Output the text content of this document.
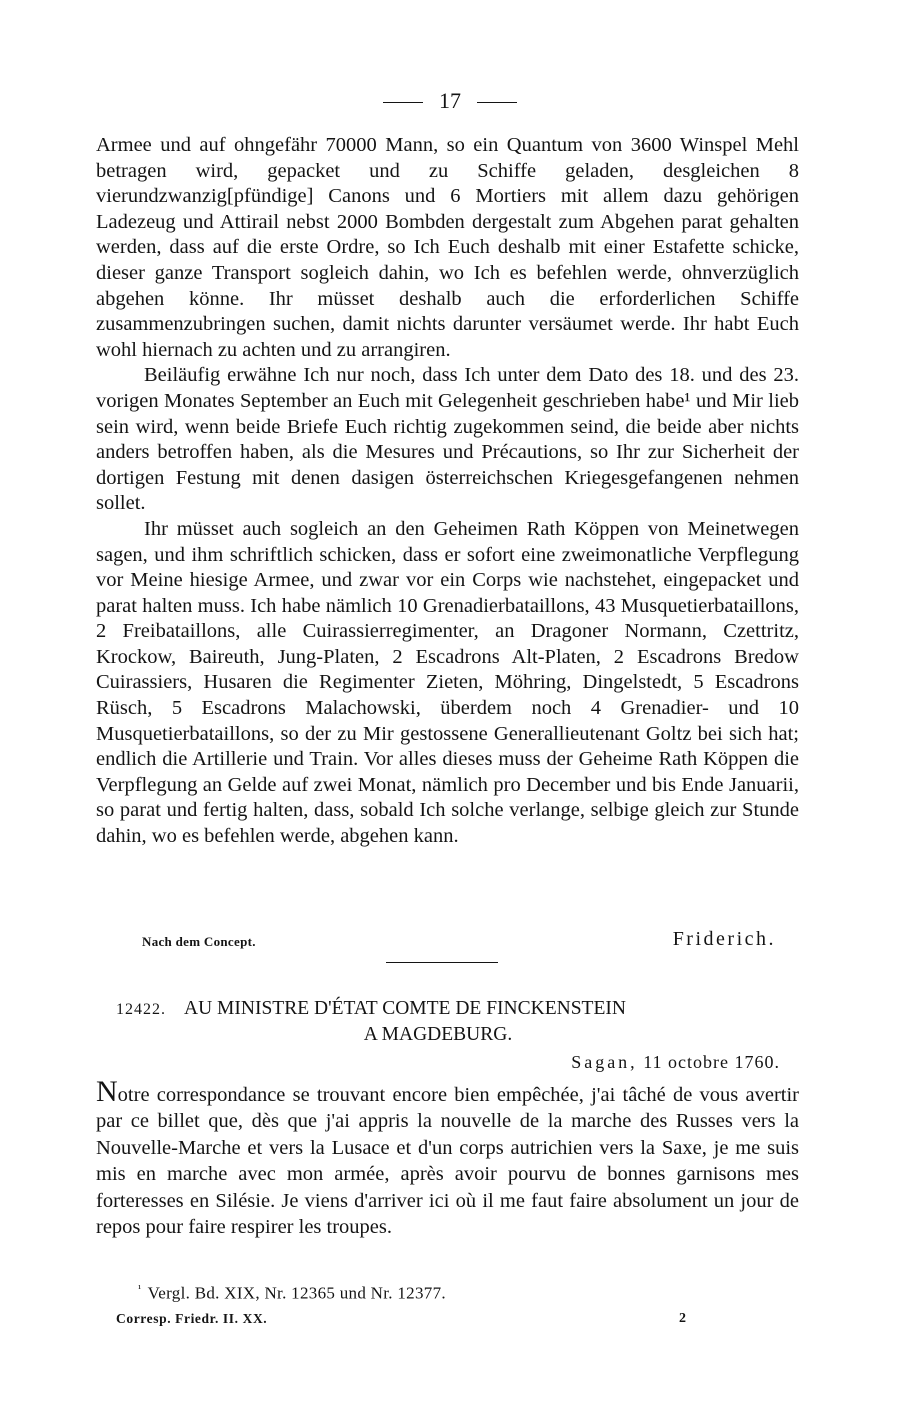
17

Armee und auf ohngefähr 70000 Mann, so ein Quantum von 3600 Winspel Mehl betragen wird, gepacket und zu Schiffe geladen, desgleichen 8 vierundzwanzig[pfündige] Canons und 6 Mortiers mit allem dazu gehörigen Ladezeug und Attirail nebst 2000 Bombden dergestalt zum Abgehen parat gehalten werden, dass auf die erste Ordre, so Ich Euch deshalb mit einer Estafette schicke, dieser ganze Transport sogleich dahin, wo Ich es befehlen werde, ohnverzüglich abgehen könne. Ihr müsset deshalb auch die erforderlichen Schiffe zusammenzubringen suchen, damit nichts darunter versäumet werde. Ihr habt Euch wohl hiernach zu achten und zu arrangiren.

Beiläufig erwähne Ich nur noch, dass Ich unter dem Dato des 18. und des 23. vorigen Monates September an Euch mit Gelegenheit geschrieben habe¹ und Mir lieb sein wird, wenn beide Briefe Euch richtig zugekommen seind, die beide aber nichts anders betroffen haben, als die Mesures und Précautions, so Ihr zur Sicherheit der dortigen Festung mit denen dasigen österreichschen Kriegesgefangenen nehmen sollet.

Ihr müsset auch sogleich an den Geheimen Rath Köppen von Meinetwegen sagen, und ihm schriftlich schicken, dass er sofort eine zweimonatliche Verpflegung vor Meine hiesige Armee, und zwar vor ein Corps wie nachstehet, eingepacket und parat halten muss. Ich habe nämlich 10 Grenadierbataillons, 43 Musquetierbataillons, 2 Freibataillons, alle Cuirassierregimenter, an Dragoner Normann, Czettritz, Krockow, Baireuth, Jung-Platen, 2 Escadrons Alt-Platen, 2 Escadrons Bredow Cuirassiers, Husaren die Regimenter Zieten, Möhring, Dingelstedt, 5 Escadrons Rüsch, 5 Escadrons Malachowski, überdem noch 4 Grenadier- und 10 Musquetierbataillons, so der zu Mir gestossene Generallieutenant Goltz bei sich hat; endlich die Artillerie und Train. Vor alles dieses muss der Geheime Rath Köppen die Verpflegung an Gelde auf zwei Monat, nämlich pro December und bis Ende Januarii, so parat und fertig halten, dass, sobald Ich solche verlange, selbige gleich zur Stunde dahin, wo es befehlen werde, abgehen kann.

Nach dem Concept.	Friderich.
12422. AU MINISTRE D'ÉTAT COMTE DE FINCKENSTEIN
A MAGDEBURG.
Sagan, 11 octobre 1760.

Notre correspondance se trouvant encore bien empêchée, j'ai tâché de vous avertir par ce billet que, dès que j'ai appris la nouvelle de la marche des Russes vers la Nouvelle-Marche et vers la Lusace et d'un corps autrichien vers la Saxe, je me suis mis en marche avec mon armée, après avoir pourvu de bonnes garnisons mes forteresses en Silésie. Je viens d'arriver ici où il me faut faire absolument un jour de repos pour faire respirer les troupes.

$^{^1}$ Vergl. Bd. XIX, Nr. 12365 und Nr. 12377.
Corresp. Friedr. II. XX.	2
